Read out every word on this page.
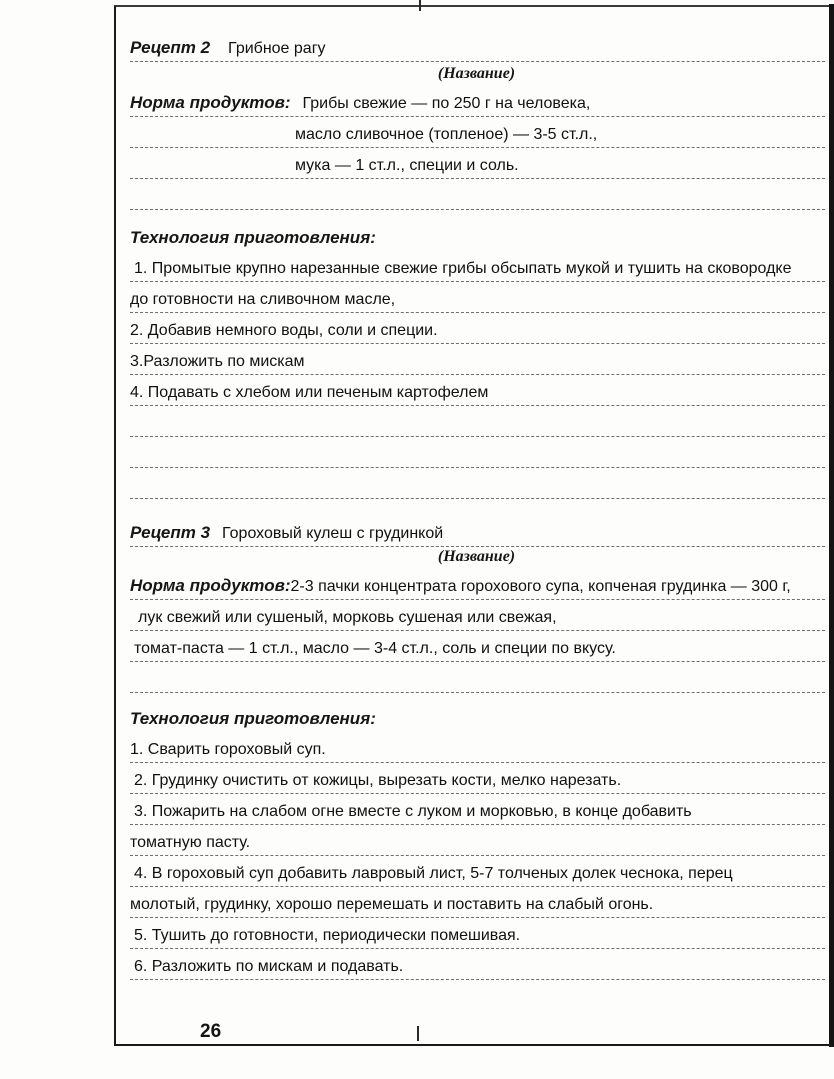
Рецепт 2 Грибное рагу
(Название)
Норма продуктов: Грибы свежие — по 250 г на человека,
масло сливочное (топленое) — 3-5 ст.л.,
мука — 1 ст.л., специи и соль.
Технология приготовления:
1. Промытые крупно нарезанные свежие грибы обсыпать мукой и тушить на сковородке
до готовности на сливочном масле,
2. Добавив немного воды, соли и специи.
3.Разложить по мискам
4. Подавать с хлебом или печеным картофелем
Рецепт 3 Гороховый кулеш с грудинкой
(Название)
Норма продуктов: 2-3 пачки концентрата горохового супа, копченая грудинка — 300 г,
лук свежий или сушеный, морковь сушеная или свежая,
томат-паста — 1 ст.л., масло — 3-4 ст.л., соль и специи по вкусу.
Технология приготовления:
1. Сварить гороховый суп.
2. Грудинку очистить от кожицы, вырезать кости, мелко нарезать.
3. Пожарить на слабом огне вместе с луком и морковью, в конце добавить
томатную пасту.
4. В гороховый суп добавить лавровый лист, 5-7 толченых долек чеснока, перец
молотый, грудинку, хорошо перемешать и поставить на слабый огонь.
5. Тушить до готовности, периодически помешивая.
6. Разложить по мискам и подавать.
26
